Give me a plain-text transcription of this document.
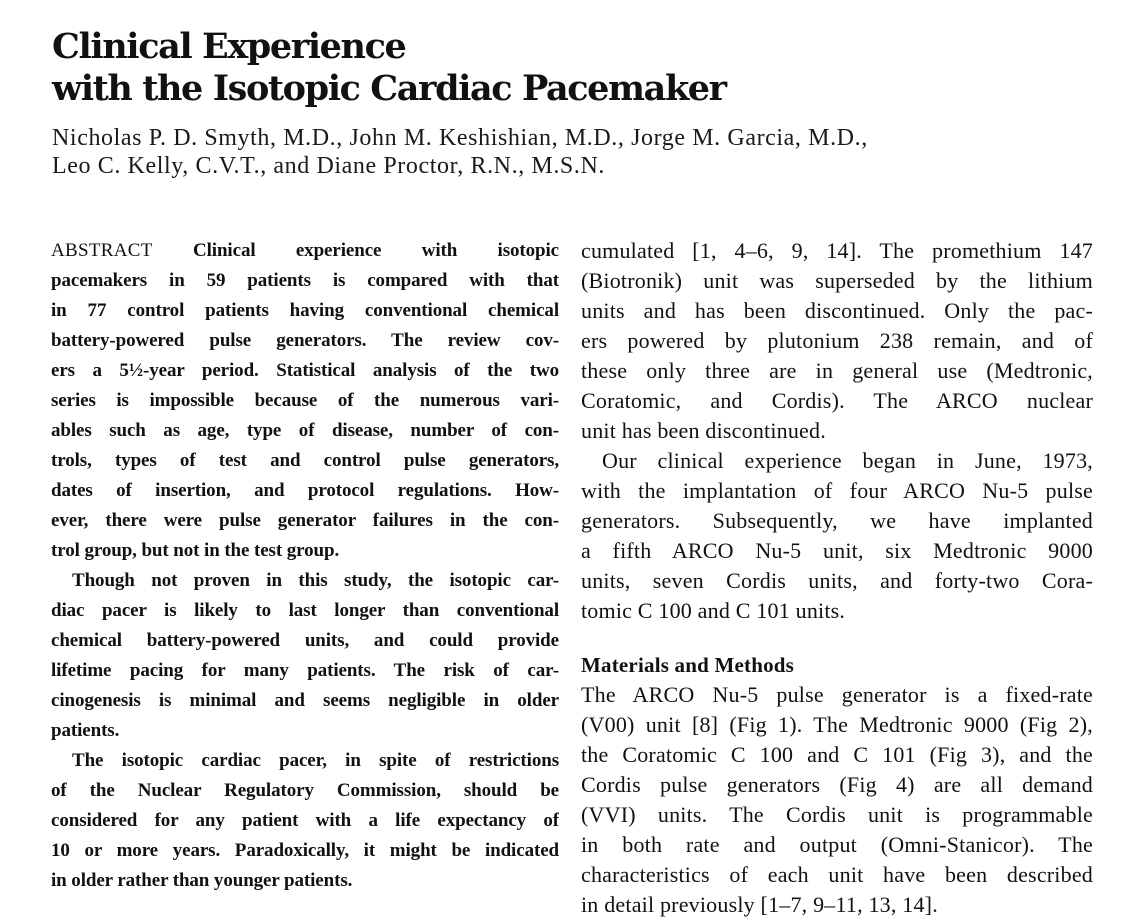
Clinical Experience
with the Isotopic Cardiac Pacemaker
Nicholas P. D. Smyth, M.D., John M. Keshishian, M.D., Jorge M. Garcia, M.D.,
Leo C. Kelly, C.V.T., and Diane Proctor, R.N., M.S.N.
ABSTRACT Clinical experience with isotopic
pacemakers in 59 patients is compared with that
in 77 control patients having conventional chemical
battery-powered pulse generators. The review cov-
ers a 5½-year period. Statistical analysis of the two
series is impossible because of the numerous vari-
ables such as age, type of disease, number of con-
trols, types of test and control pulse generators,
dates of insertion, and protocol regulations. How-
ever, there were pulse generator failures in the con-
trol group, but not in the test group.
Though not proven in this study, the isotopic car-
diac pacer is likely to last longer than conventional
chemical battery-powered units, and could provide
lifetime pacing for many patients. The risk of car-
cinogenesis is minimal and seems negligible in older
patients.
The isotopic cardiac pacer, in spite of restrictions
of the Nuclear Regulatory Commission, should be
considered for any patient with a life expectancy of
10 or more years. Paradoxically, it might be indicated
in older rather than younger patients.
cumulated [1, 4–6, 9, 14]. The promethium 147
(Biotronik) unit was superseded by the lithium
units and has been discontinued. Only the pac-
ers powered by plutonium 238 remain, and of
these only three are in general use (Medtronic,
Coratomic, and Cordis). The ARCO nuclear
unit has been discontinued.
Our clinical experience began in June, 1973,
with the implantation of four ARCO Nu-5 pulse
generators. Subsequently, we have implanted
a fifth ARCO Nu-5 unit, six Medtronic 9000
units, seven Cordis units, and forty-two Cora-
tomic C 100 and C 101 units.
Materials and Methods
The ARCO Nu-5 pulse generator is a fixed-rate
(V00) unit [8] (Fig 1). The Medtronic 9000 (Fig 2),
the Coratomic C 100 and C 101 (Fig 3), and the
Cordis pulse generators (Fig 4) are all demand
(VVI) units. The Cordis unit is programmable
in both rate and output (Omni-Stanicor). The
characteristics of each unit have been described
in detail previously [1–7, 9–11, 13, 14].
